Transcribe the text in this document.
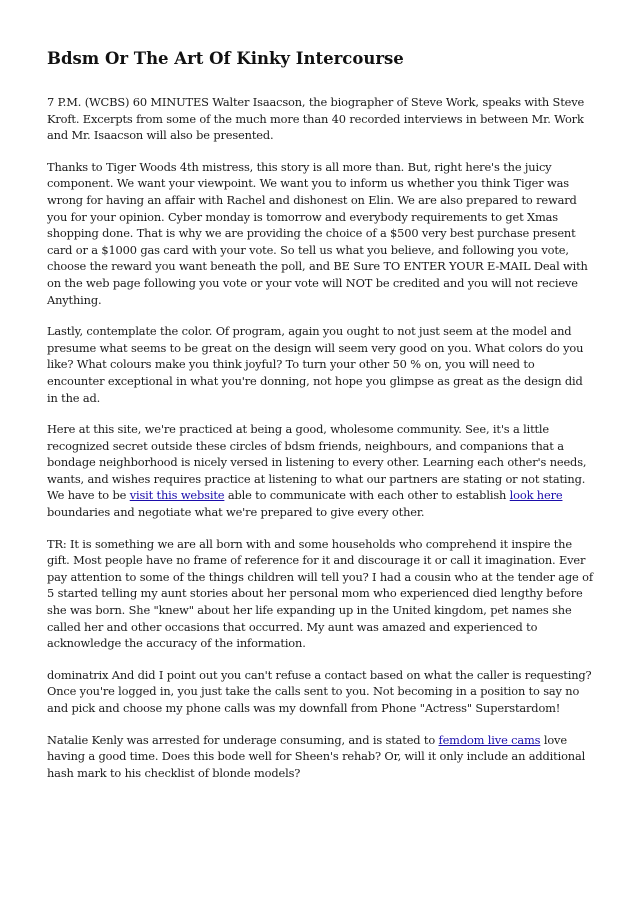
Bdsm Or The Art Of Kinky Intercourse

7 P.M. (WCBS) 60 MINUTES Walter Isaacson, the biographer of Steve Work, speaks with Steve Kroft. Excerpts from some of the much more than 40 recorded interviews in between Mr. Work and Mr. Isaacson will also be presented.

Thanks to Tiger Woods 4th mistress, this story is all more than. But, right here's the juicy component. We want your viewpoint. We want you to inform us whether you think Tiger was wrong for having an affair with Rachel and dishonest on Elin. We are also prepared to reward you for your opinion. Cyber monday is tomorrow and everybody requirements to get Xmas shopping done. That is why we are providing the choice of a $500 very best purchase present card or a $1000 gas card with your vote. So tell us what you believe, and following you vote, choose the reward you want beneath the poll, and BE Sure TO ENTER YOUR E-MAIL Deal with on the web page following you vote or your vote will NOT be credited and you will not recieve Anything.

Lastly, contemplate the color. Of program, again you ought to not just seem at the model and presume what seems to be great on the design will seem very good on you. What colors do you like? What colours make you think joyful? To turn your other 50 % on, you will need to encounter exceptional in what you're donning, not hope you glimpse as great as the design did in the ad.

Here at this site, we're practiced at being a good, wholesome community. See, it's a little recognized secret outside these circles of bdsm friends, neighbours, and companions that a bondage neighborhood is nicely versed in listening to every other. Learning each other's needs, wants, and wishes requires practice at listening to what our partners are stating or not stating. We have to be visit this website able to communicate with each other to establish look here boundaries and negotiate what we're prepared to give every other.

TR: It is something we are all born with and some households who comprehend it inspire the gift. Most people have no frame of reference for it and discourage it or call it imagination. Ever pay attention to some of the things children will tell you? I had a cousin who at the tender age of 5 started telling my aunt stories about her personal mom who experienced died lengthy before she was born. She "knew" about her life expanding up in the United kingdom, pet names she called her and other occasions that occurred. My aunt was amazed and experienced to acknowledge the accuracy of the information.

dominatrix And did I point out you can't refuse a contact based on what the caller is requesting? Once you're logged in, you just take the calls sent to you. Not becoming in a position to say no and pick and choose my phone calls was my downfall from Phone "Actress" Superstardom!

Natalie Kenly was arrested for underage consuming, and is stated to femdom live cams love having a good time. Does this bode well for Sheen's rehab? Or, will it only include an additional hash mark to his checklist of blonde models?
